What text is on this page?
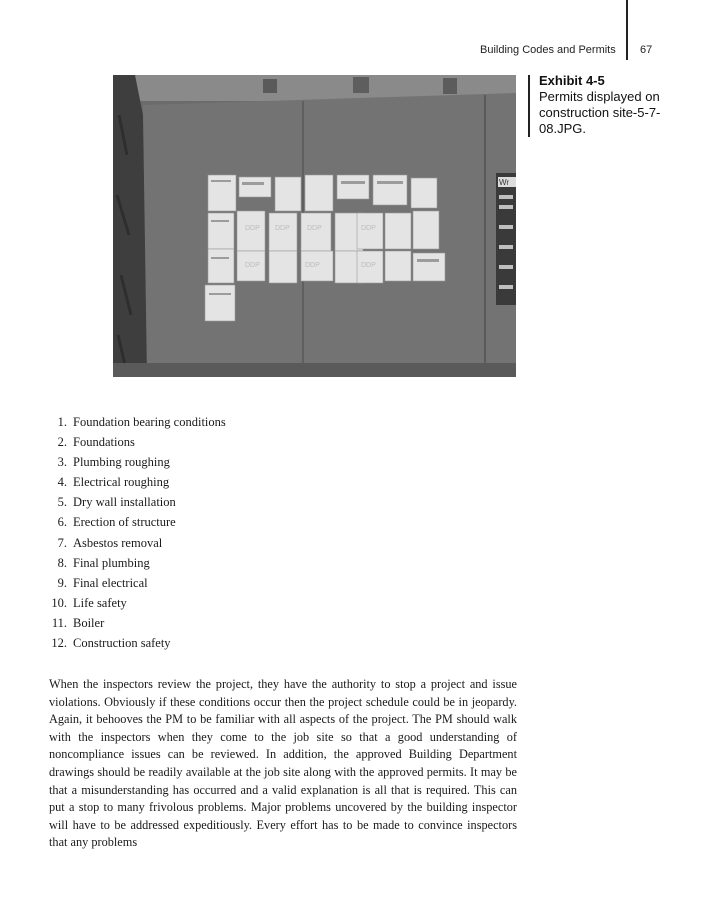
Building Codes and Permits 67
Wr
DDP DDP DDP	DDP
DDP	DDP	DDP
Exhibit 4-5
Permits displayed on construction site-5-7-08.JPG.
1. Foundation bearing conditions
2. Foundations
3. Plumbing roughing
4. Electrical roughing
5. Dry wall installation
6. Erection of structure
7. Asbestos removal
8. Final plumbing
9. Final electrical
10. Life safety
11. Boiler
12. Construction safety

When the inspectors review the project, they have the authority to stop a project and issue violations. Obviously if these conditions occur then the project schedule could be in jeopardy. Again, it behooves the PM to be familiar with all aspects of the project. The PM should walk with the inspectors when they come to the job site so that a good understanding of noncompliance issues can be reviewed. In addition, the approved Building Department drawings should be readily available at the job site along with the approved permits. It may be that a misunderstanding has occurred and a valid explanation is all that is required. This can put a stop to many frivolous problems. Major problems uncovered by the building inspector will have to be addressed expeditiously. Every effort has to be made to convince inspectors that any problems
